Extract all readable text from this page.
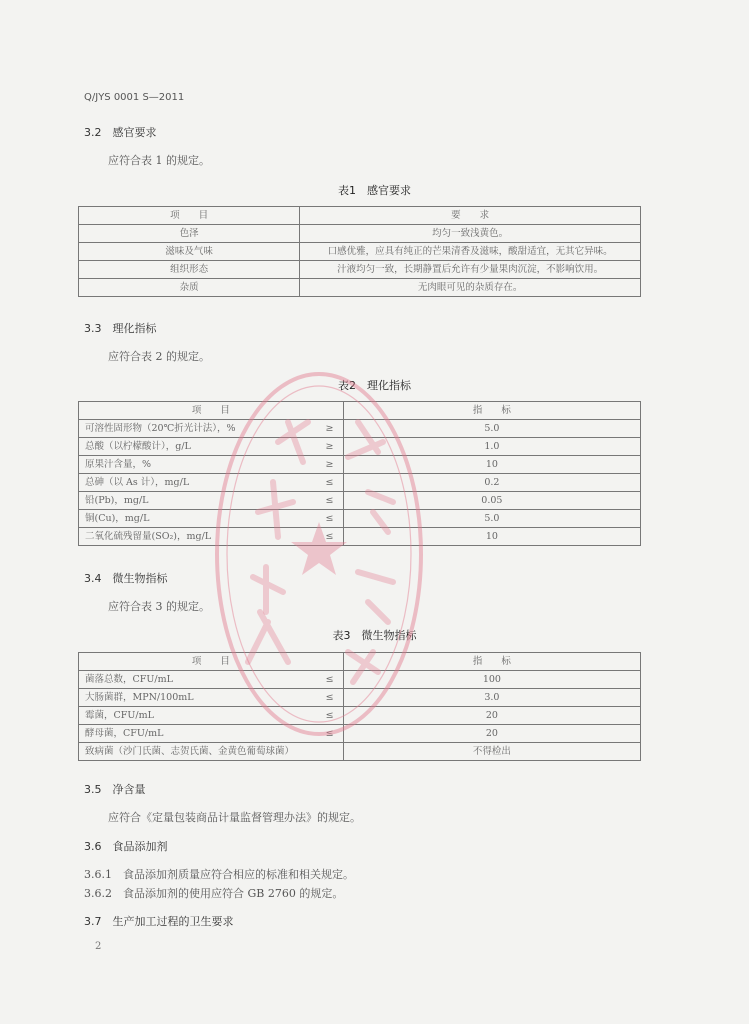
Q/JYS 0001 S—2011
3.2　感官要求
应符合表 1 的规定。
表1　感官要求
项　　目	要　　求
色泽	均匀一致浅黄色。
滋味及气味	口感优雅，应具有纯正的芒果清香及滋味，酸甜适宜，无其它异味。
组织形态	汁液均匀一致，长期静置后允许有少量果肉沉淀，不影响饮用。
杂质	无肉眼可见的杂质存在。
3.3　理化指标
应符合表 2 的规定。
表2　理化指标
项　　目		指　　标
可溶性固形物（20℃折光计法），%	≥	5.0
总酸（以柠檬酸计），g/L	≥	1.0
原果汁含量，%	≥	10
总砷（以 As 计），mg/L	≤	0.2
铅(Pb)，mg/L	≤	0.05
铜(Cu)，mg/L	≤	5.0
二氧化硫残留量(SO₂)，mg/L	≤	10
3.4　微生物指标
应符合表 3 的规定。
表3　微生物指标
项　　目		指　　标
菌落总数，CFU/mL	≤	100
大肠菌群，MPN/100mL	≤	3.0
霉菌，CFU/mL	≤	20
酵母菌，CFU/mL	≤	20
致病菌（沙门氏菌、志贺氏菌、金黄色葡萄球菌）		不得检出
3.5　净含量
应符合《定量包装商品计量监督管理办法》的规定。
3.6　食品添加剂
3.6.1　食品添加剂质量应符合相应的标准和相关规定。
3.6.2　食品添加剂的使用应符合 GB 2760 的规定。
3.7　生产加工过程的卫生要求
2
